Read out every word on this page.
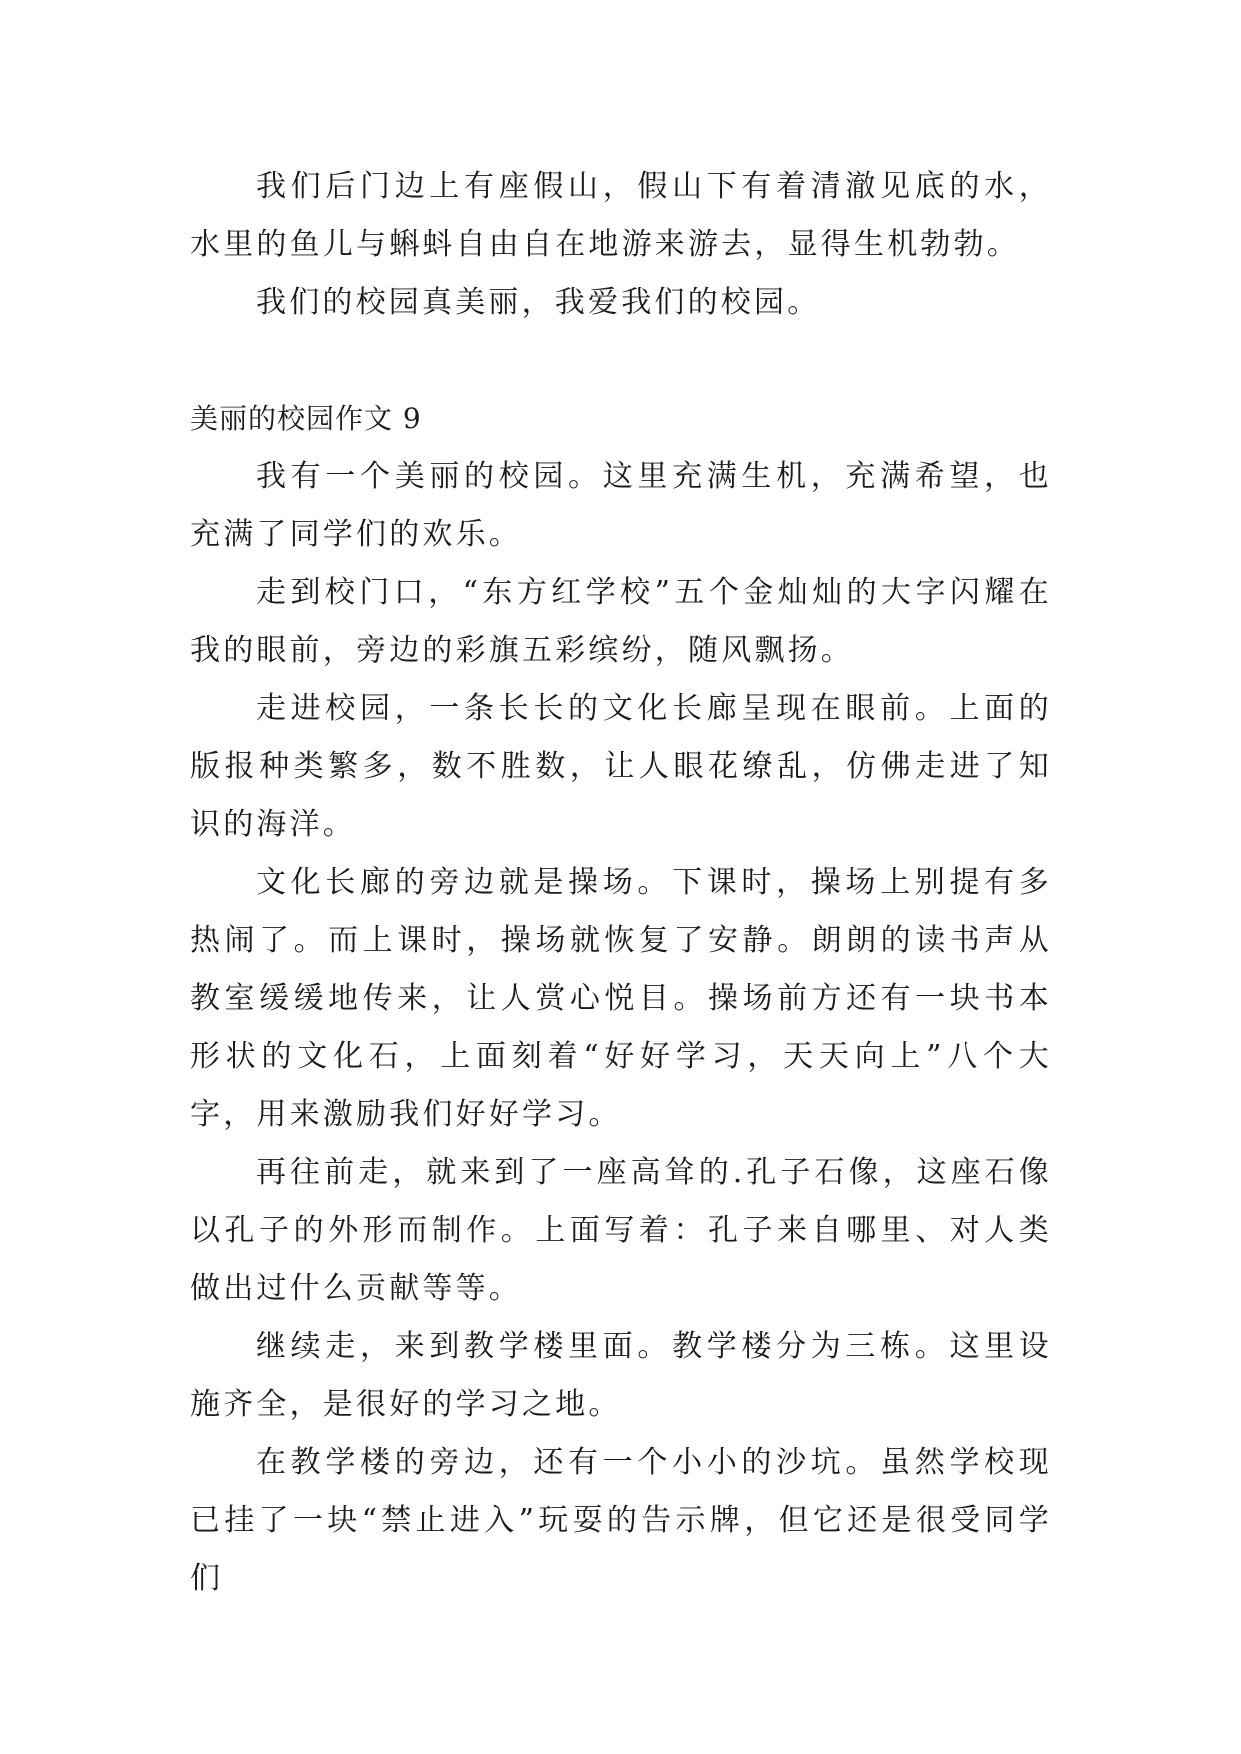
我们后门边上有座假山，假山下有着清澈见底的水，水里的鱼儿与蝌蚪自由自在地游来游去，显得生机勃勃。

我们的校园真美丽，我爱我们的校园。

美丽的校园作文 9

我有一个美丽的校园。这里充满生机，充满希望，也充满了同学们的欢乐。

走到校门口，“东方红学校”五个金灿灿的大字闪耀在我的眼前，旁边的彩旗五彩缤纷，随风飘扬。

走进校园，一条长长的文化长廊呈现在眼前。上面的版报种类繁多，数不胜数，让人眼花缭乱，仿佛走进了知识的海洋。

文化长廊的旁边就是操场。下课时，操场上别提有多热闹了。而上课时，操场就恢复了安静。朗朗的读书声从教室缓缓地传来，让人赏心悦目。操场前方还有一块书本形状的文化石，上面刻着“好好学习，天天向上”八个大字，用来激励我们好好学习。

再往前走，就来到了一座高耸的.孔子石像，这座石像以孔子的外形而制作。上面写着：孔子来自哪里、对人类做出过什么贡献等等。

继续走，来到教学楼里面。教学楼分为三栋。这里设施齐全，是很好的学习之地。

在教学楼的旁边，还有一个小小的沙坑。虽然学校现已挂了一块“禁止进入”玩耍的告示牌，但它还是很受同学们
